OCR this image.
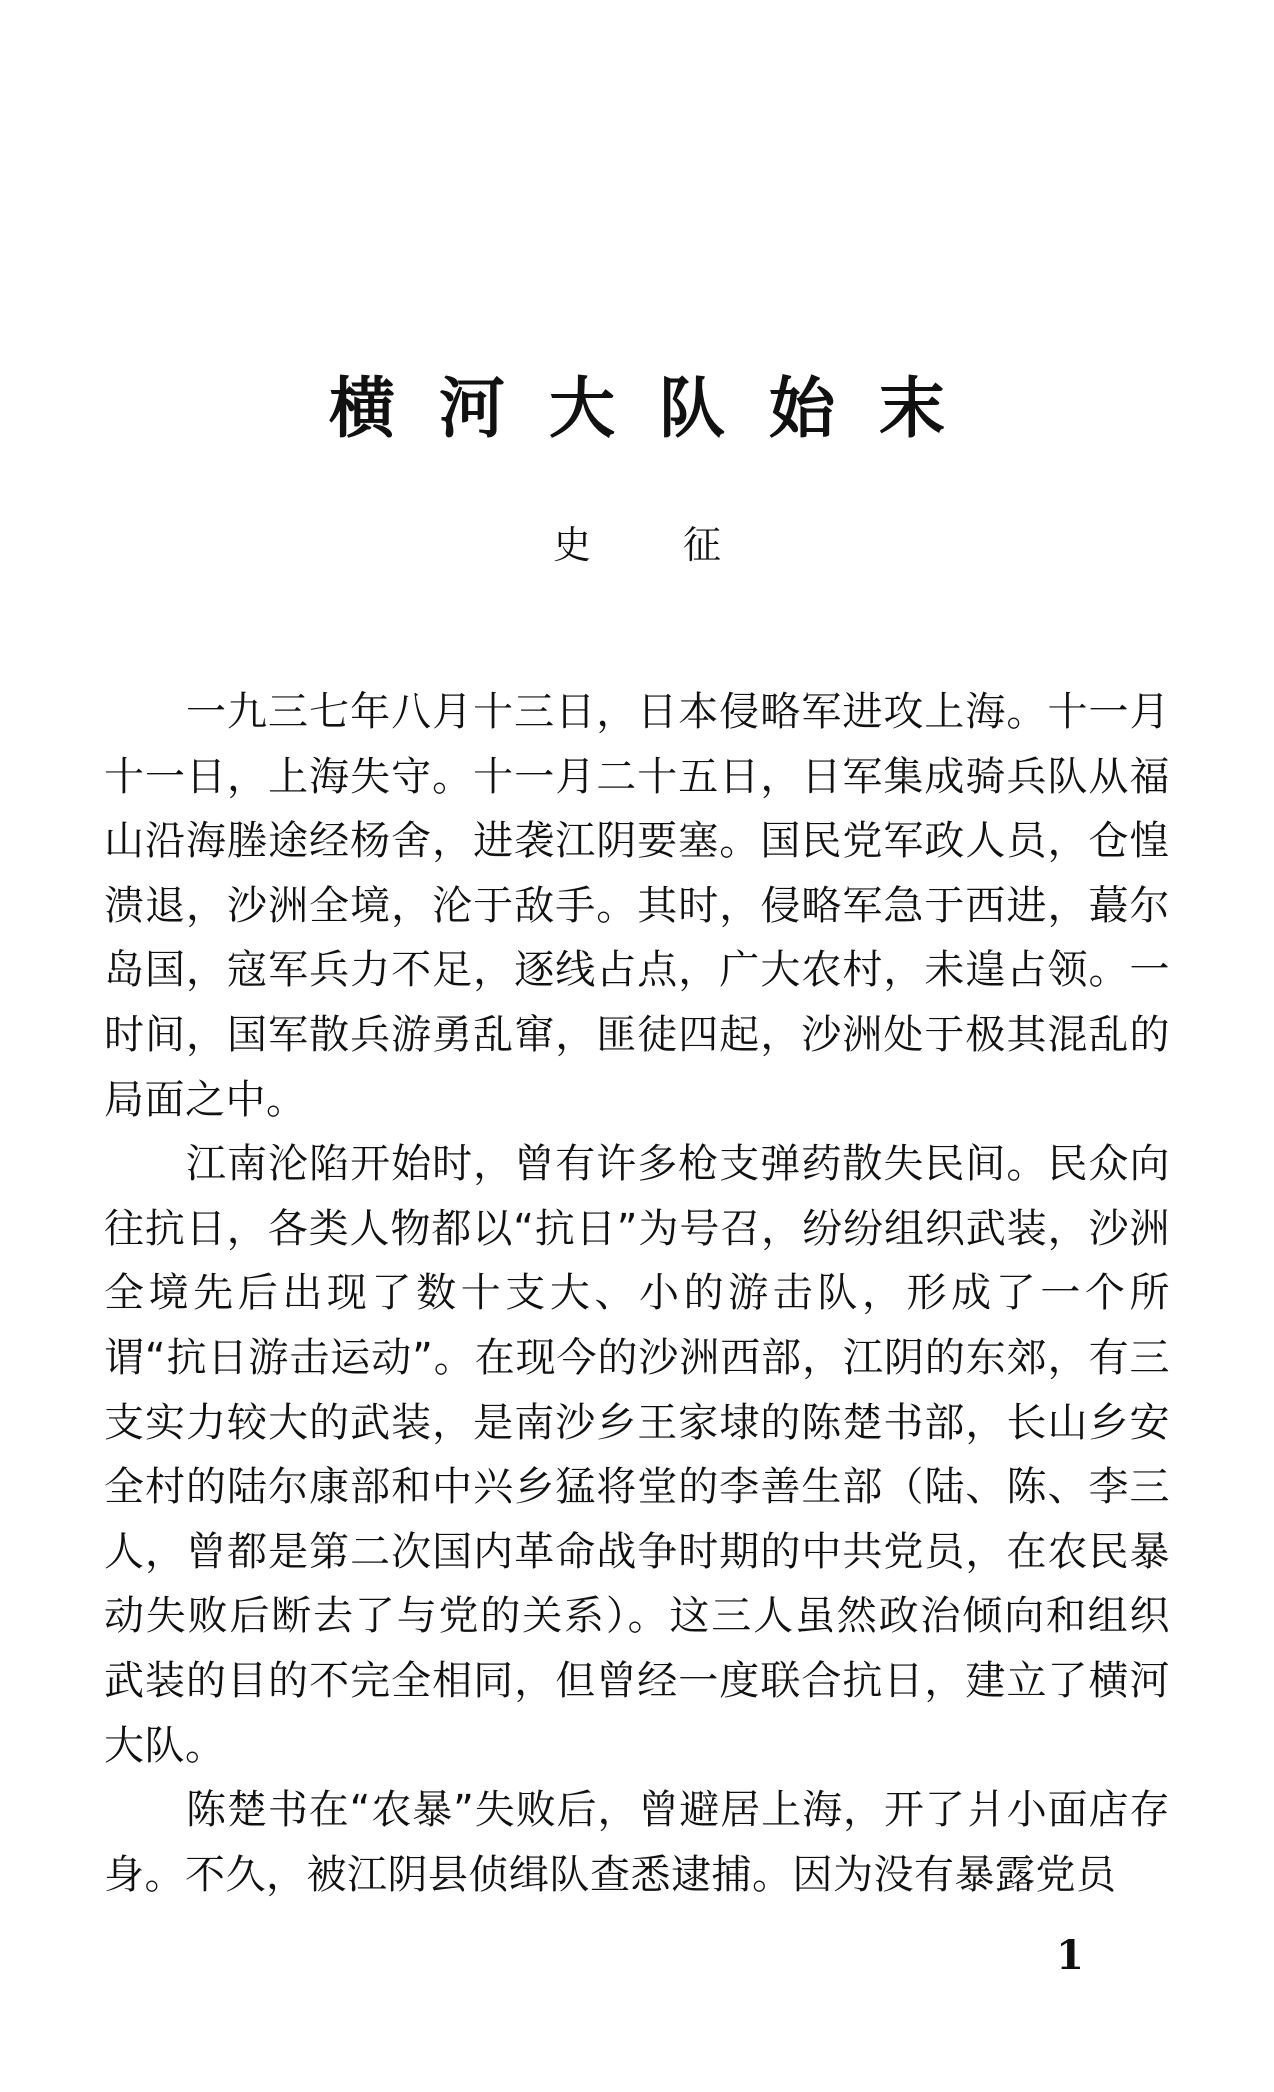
横河大队始末
史 征

一九三七年八月十三日，日本侵略军进攻上海。十一月十一日，上海失守。十一月二十五日，日军集成骑兵队从福山沿海塍途经杨舍，进袭江阴要塞。国民党军政人员，仓惶溃退，沙洲全境，沦于敌手。其时，侵略军急于西进，蕞尔岛国，寇军兵力不足，逐线占点，广大农村，未遑占领。一时间，国军散兵游勇乱窜，匪徒四起，沙洲处于极其混乱的局面之中。

江南沦陷开始时，曾有许多枪支弹药散失民间。民众向往抗日，各类人物都以“抗日”为号召，纷纷组织武装，沙洲全境先后出现了数十支大、小的游击队，形成了一个所谓“抗日游击运动”。在现今的沙洲西部，江阴的东郊，有三支实力较大的武装，是南沙乡王家埭的陈楚书部，长山乡安全村的陆尔康部和中兴乡猛将堂的李善生部（陆、陈、李三人，曾都是第二次国内革命战争时期的中共党员，在农民暴动失败后断去了与党的关系）。这三人虽然政治倾向和组织武装的目的不完全相同，但曾经一度联合抗日，建立了横河大队。

陈楚书在“农暴”失败后，曾避居上海，开了爿小面店存身。不久，被江阴县侦缉队查悉逮捕。因为没有暴露党员

1
